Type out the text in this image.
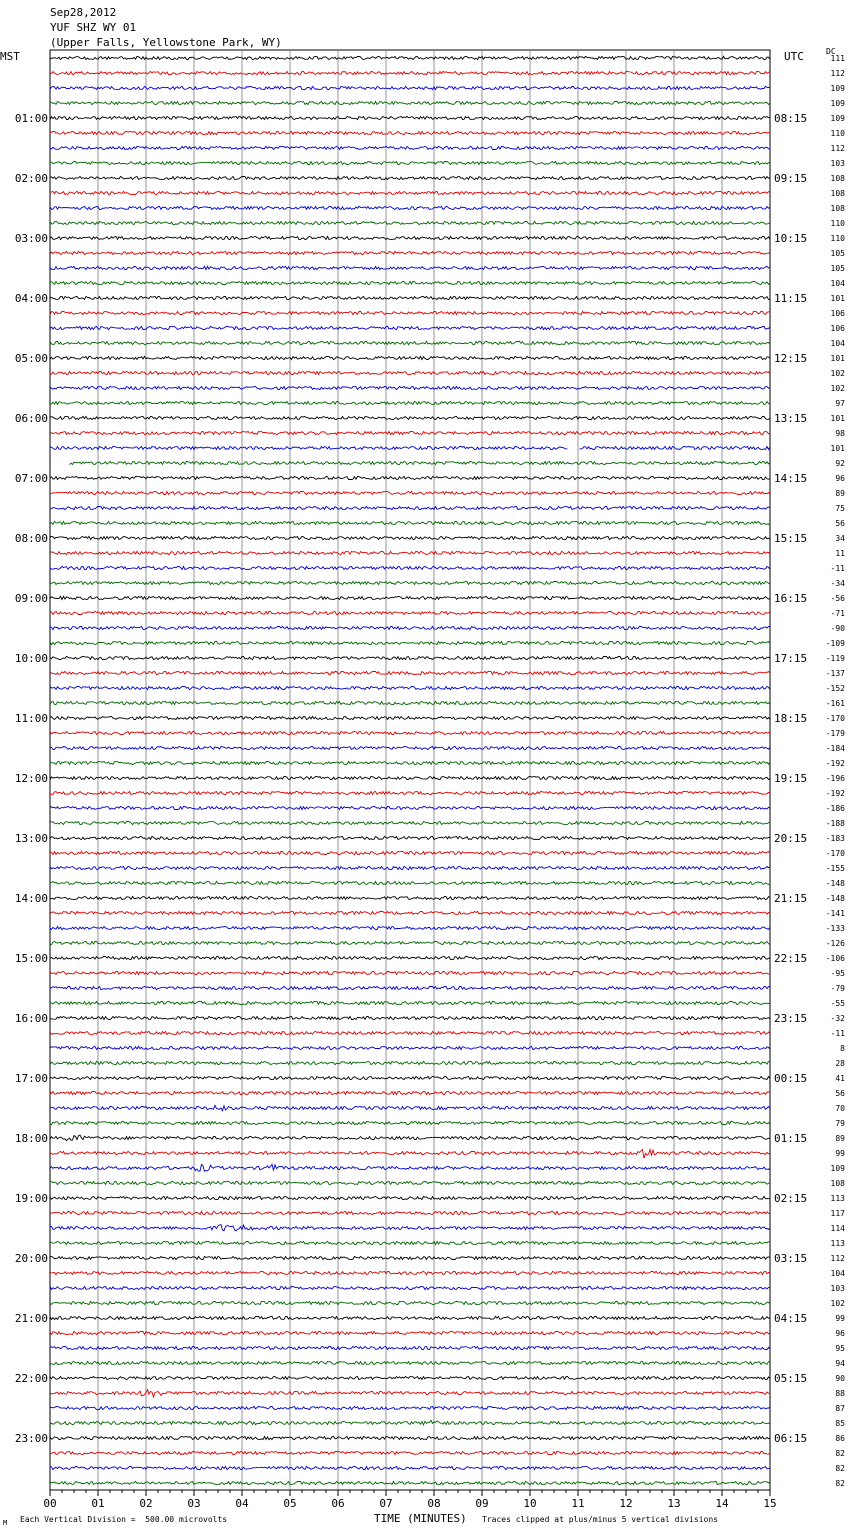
Sep28,2012
YUF SHZ WY 01
(Upper Falls, Yellowstone Park, WY)
MST	UTC	DC
00	01	02	03	04	05	06	07	08	09	10	11	12	13	14	15
111
112
109
109
109
110
112
103
108
108
108
110
110
105
105
104
101
106
106
104
101
102
102
97
101
98
101
92
96
89
75
56
34
11
-11
-34
-56
-71
-90
-109
-119
-137
-152
-161
-170
-179
-184
-192
-196
-192
-186
-188
-183
-170
-155
-148
-148
-141
-133
-126
-106
-95
-79
-55
-32
-11
8
28
41
56
70
79
89
99
109
108
113
117
114
113
112
104
103
102
99
96
95
94
90
88
87
85
86
82
82
82
01:00
02:00
03:00
04:00
05:00
06:00
07:00
08:00
09:00
10:00
11:00
12:00
13:00
14:00
15:00
16:00
17:00
18:00
19:00
20:00
21:00
22:00
23:00
08:15
09:15
10:15
11:15
12:15
13:15
14:15
15:15
16:15
17:15
18:15
19:15
20:15
21:15
22:15
23:15
00:15
01:15
02:15
03:15
04:15
05:15
06:15
M Each Vertical Division =  500.00 microvolts	TIME (MINUTES) Traces clipped at plus/minus 5 vertical divisions
